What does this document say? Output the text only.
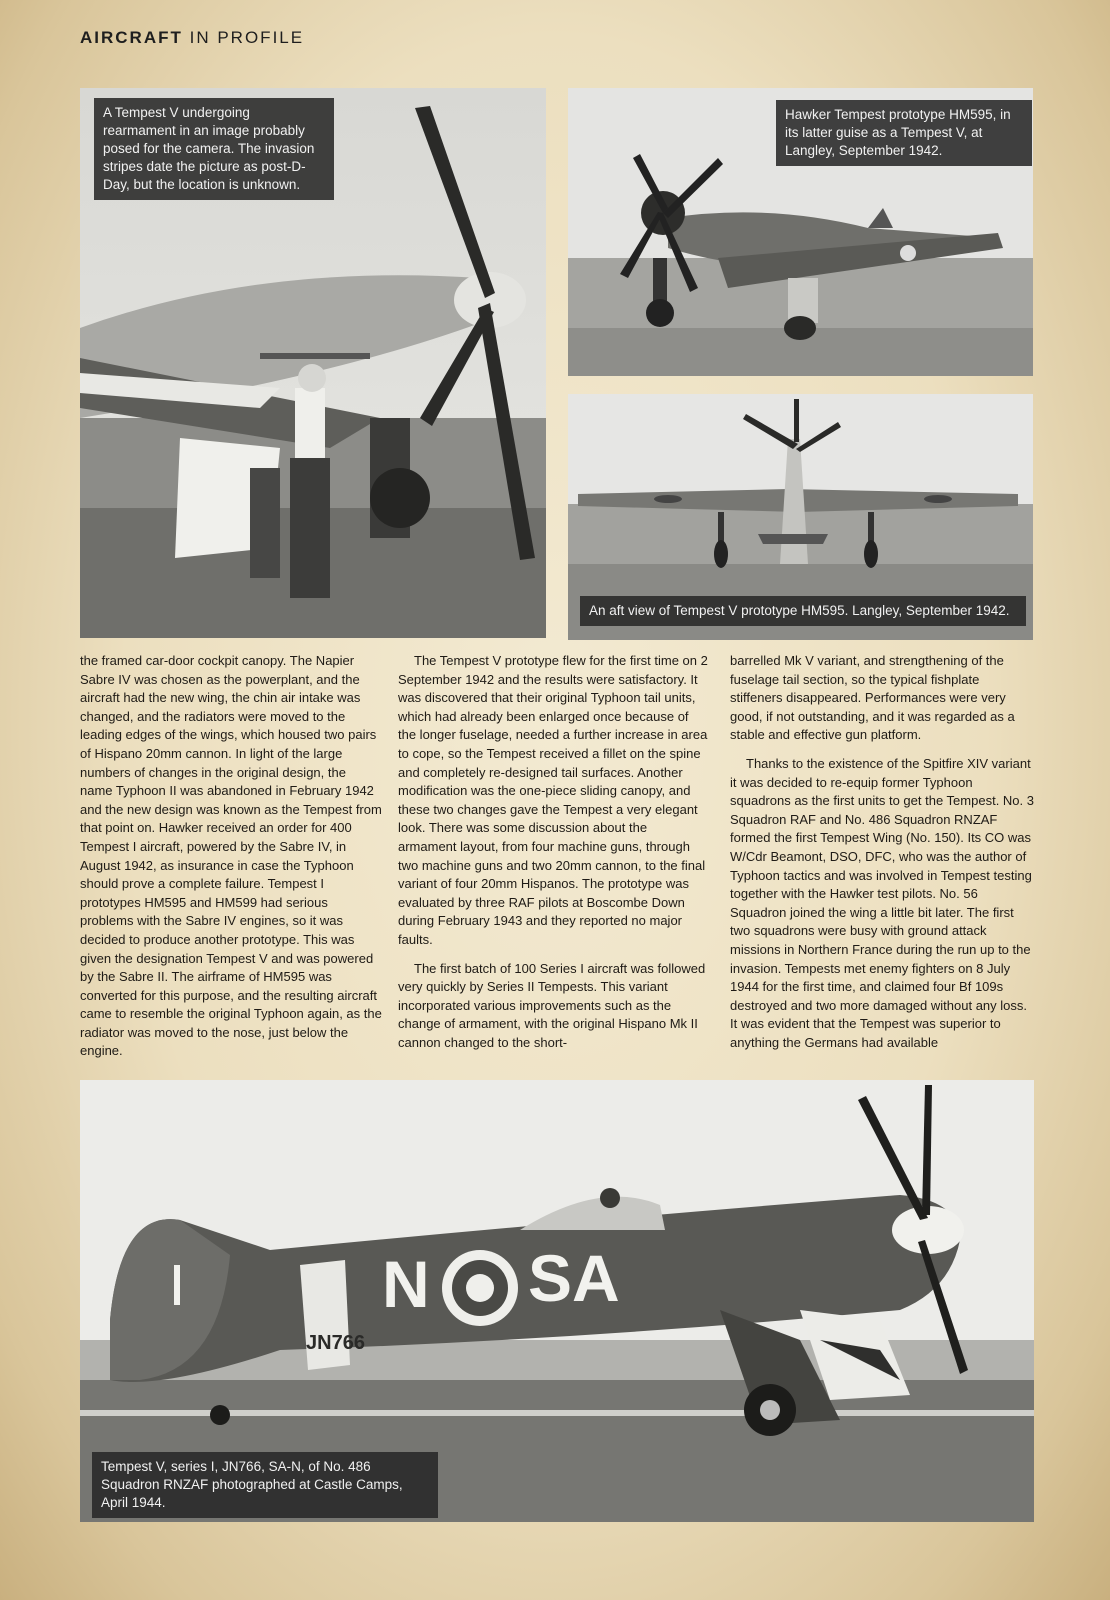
AIRCRAFT IN PROFILE
A Tempest V undergoing rearmament in an image probably posed for the camera. The invasion stripes date the picture as post-D-Day, but the location is unknown.
Hawker Tempest prototype HM595, in its latter guise as a Tempest V, at Langley, September 1942.
An aft view of Tempest V prototype HM595. Langley, September 1942.

the framed car-door cockpit canopy. The Napier Sabre IV was chosen as the powerplant, and the aircraft had the new wing, the chin air intake was changed, and the radiators were moved to the leading edges of the wings, which housed two pairs of Hispano 20mm cannon. In light of the large numbers of changes in the original design, the name Typhoon II was abandoned in February 1942 and the new design was known as the Tempest from that point on. Hawker received an order for 400 Tempest I aircraft, powered by the Sabre IV, in August 1942, as insurance in case the Typhoon should prove a complete failure. Tempest I prototypes HM595 and HM599 had serious problems with the Sabre IV engines, so it was decided to produce another prototype. This was given the designation Tempest V and was powered by the Sabre II. The airframe of HM595 was converted for this purpose, and the resulting aircraft came to resemble the original Typhoon again, as the radiator was moved to the nose, just below the engine.

The Tempest V prototype flew for the first time on 2 September 1942 and the results were satisfactory. It was discovered that their original Typhoon tail units, which had already been enlarged once because of the longer fuselage, needed a further increase in area to cope, so the Tempest received a fillet on the spine and completely re-designed tail surfaces. Another modification was the one-piece sliding canopy, and these two changes gave the Tempest a very elegant look. There was some discussion about the armament layout, from four machine guns, through two machine guns and two 20mm cannon, to the final variant of four 20mm Hispanos. The prototype was evaluated by three RAF pilots at Boscombe Down during February 1943 and they reported no major faults.

The first batch of 100 Series I aircraft was followed very quickly by Series II Tempests. This variant incorporated various improvements such as the change of armament, with the original Hispano Mk II cannon changed to the short-

barrelled Mk V variant, and strengthening of the fuselage tail section, so the typical fishplate stiffeners disappeared. Performances were very good, if not outstanding, and it was regarded as a stable and effective gun platform.

Thanks to the existence of the Spitfire XIV variant it was decided to re-equip former Typhoon squadrons as the first units to get the Tempest. No. 3 Squadron RAF and No. 486 Squadron RNZAF formed the first Tempest Wing (No. 150). Its CO was W/Cdr Beamont, DSO, DFC, who was the author of Typhoon tactics and was involved in Tempest testing together with the Hawker test pilots. No. 56 Squadron joined the wing a little bit later. The first two squadrons were busy with ground attack missions in Northern France during the run up to the invasion. Tempests met enemy fighters on 8 July 1944 for the first time, and claimed four Bf 109s destroyed and two more damaged without any loss. It was evident that the Tempest was superior to anything the Germans had available

N SA
JN766
Tempest V, series I, JN766, SA-N, of No. 486 Squadron RNZAF photographed at Castle Camps, April 1944.
